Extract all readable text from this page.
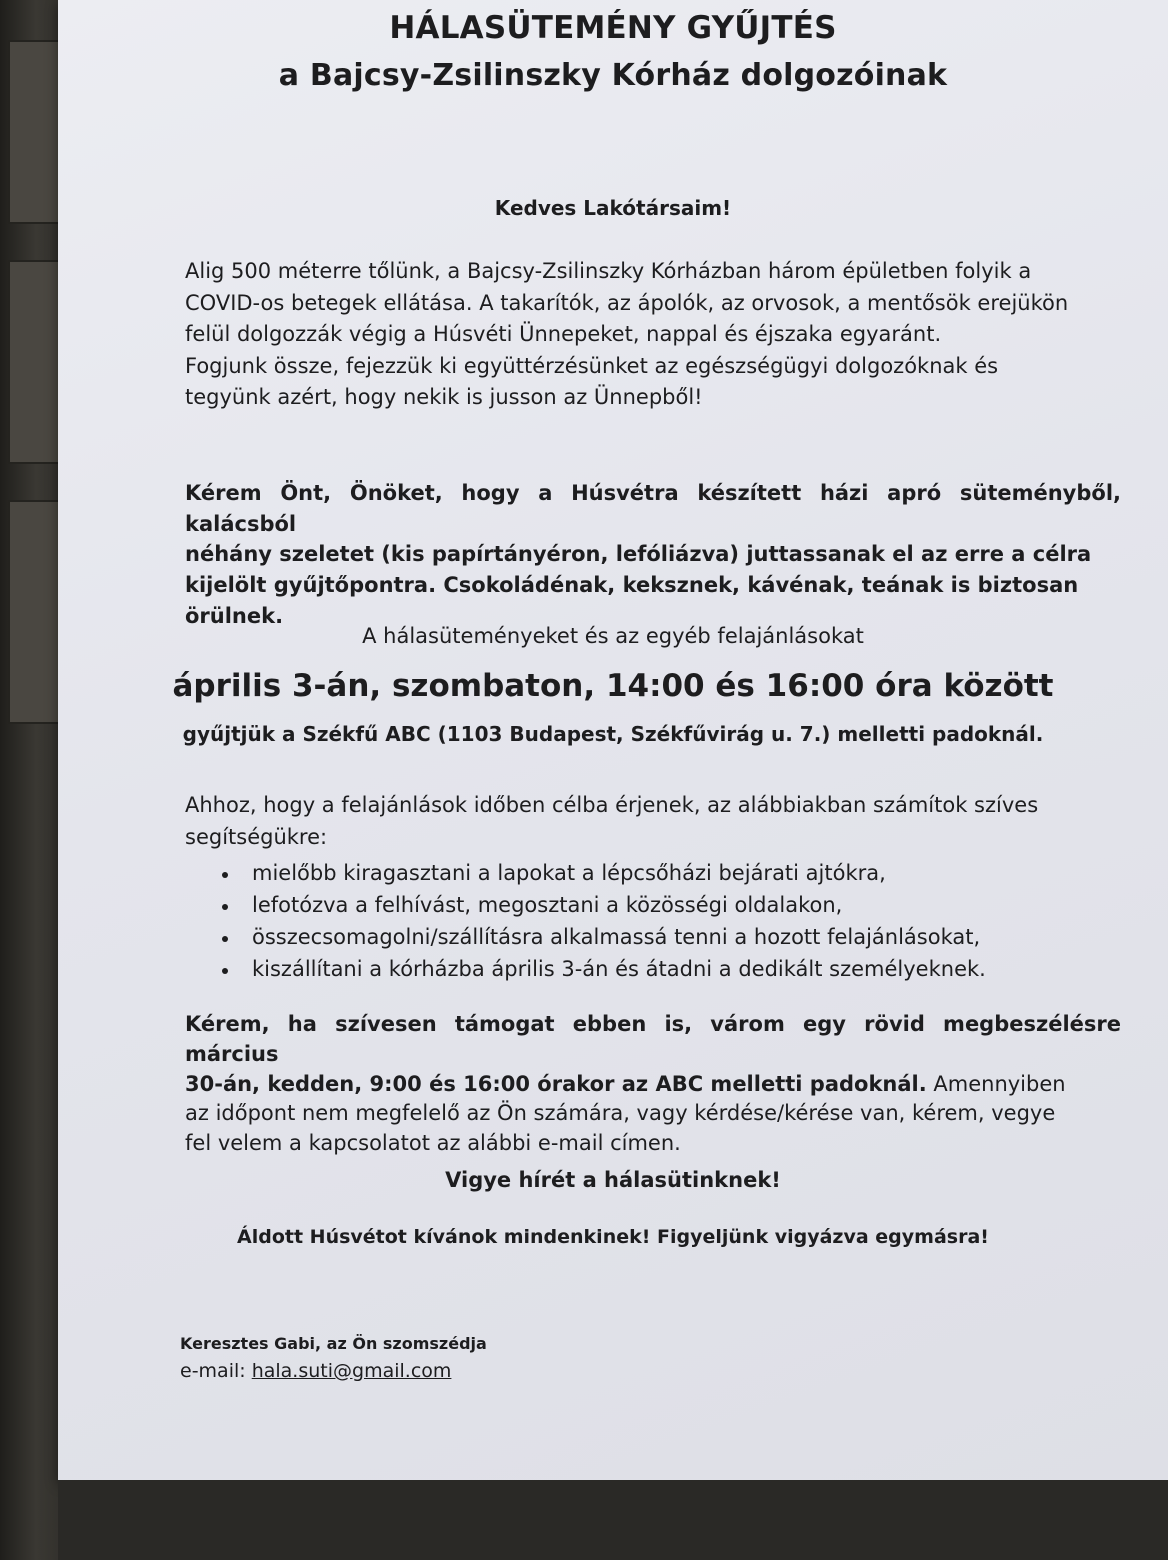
HÁLASÜTEMÉNY GYŰJTÉS
a Bajcsy-Zsilinszky Kórház dolgozóinak
Kedves Lakótársaim!
Alig 500 méterre tőlünk, a Bajcsy-Zsilinszky Kórházban három épületben folyik a
COVID-os betegek ellátása. A takarítók, az ápolók, az orvosok, a mentősök erejükön
felül dolgozzák végig a Húsvéti Ünnepeket, nappal és éjszaka egyaránt.
Fogjunk össze, fejezzük ki együttérzésünket az egészségügyi dolgozóknak és
tegyünk azért, hogy nekik is jusson az Ünnepből!
Kérem Önt, Önöket, hogy a Húsvétra készített házi apró süteményből, kalácsból
néhány szeletet (kis papírtányéron, lefóliázva) juttassanak el az erre a célra
kijelölt gyűjtőpontra. Csokoládénak, keksznek, kávénak, teának is biztosan
örülnek.
A hálasüteményeket és az egyéb felajánlásokat
április 3-án, szombaton, 14:00 és 16:00 óra között
gyűjtjük a Székfű ABC (1103 Budapest, Székfűvirág u. 7.) melletti padoknál.
Ahhoz, hogy a felajánlások időben célba érjenek, az alábbiakban számítok szíves
segítségükre:
mielőbb kiragasztani a lapokat a lépcsőházi bejárati ajtókra,
lefotózva a felhívást, megosztani a közösségi oldalakon,
összecsomagolni/szállításra alkalmassá tenni a hozott felajánlásokat,
kiszállítani a kórházba április 3-án és átadni a dedikált személyeknek.
Kérem, ha szívesen támogat ebben is, várom egy rövid megbeszélésre március
30-án, kedden, 9:00 és 16:00 órakor az ABC melletti padoknál. Amennyiben
az időpont nem megfelelő az Ön számára, vagy kérdése/kérése van, kérem, vegye
fel velem a kapcsolatot az alábbi e-mail címen.
Vigye hírét a hálasütinknek!
Áldott Húsvétot kívánok mindenkinek! Figyeljünk vigyázva egymásra!
Keresztes Gabi, az Ön szomszédja
e-mail: hala.suti@gmail.com
